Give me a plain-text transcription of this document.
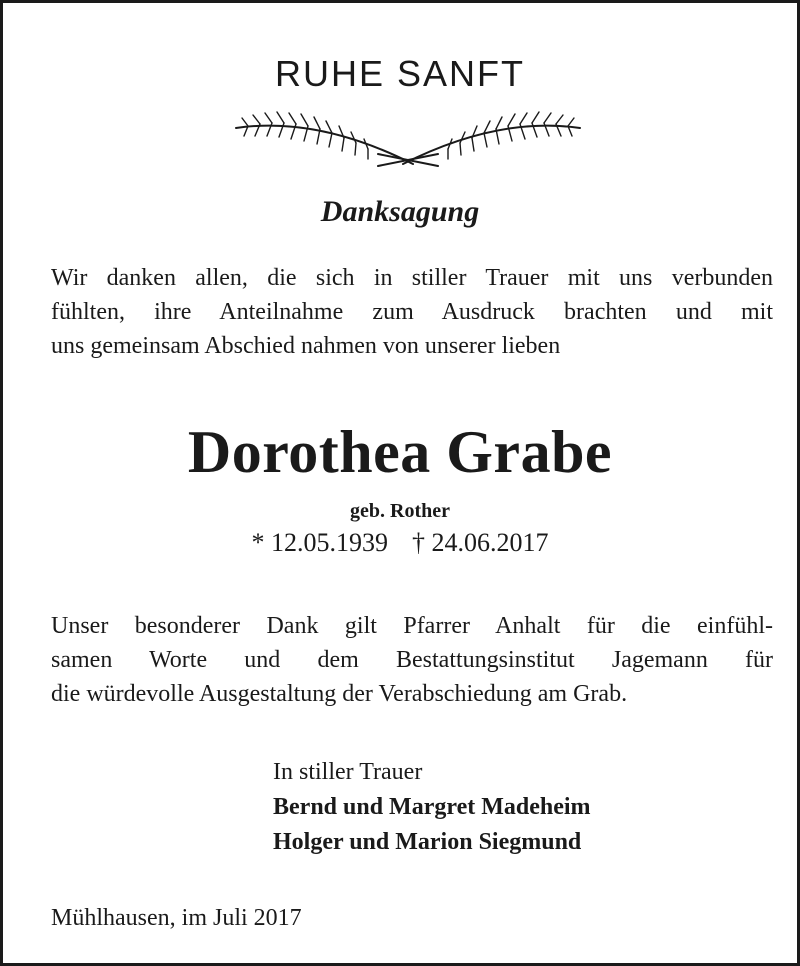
RUHE SANFT
Danksagung

Wir danken allen, die sich in stiller Trauer mit uns verbunden
fühlten, ihre Anteilnahme zum Ausdruck brachten und mit
uns gemeinsam Abschied nahmen von unserer lieben

Dorothea Grabe
geb. Rother
* 12.05.1939 † 24.06.2017

Unser besonderer Dank gilt Pfarrer Anhalt für die einfühl-
samen Worte und dem Bestattungsinstitut Jagemann für
die würdevolle Ausgestaltung der Verabschiedung am Grab.

In stiller Trauer
Bernd und Margret Madeheim
Holger und Marion Siegmund
Mühlhausen, im Juli 2017
